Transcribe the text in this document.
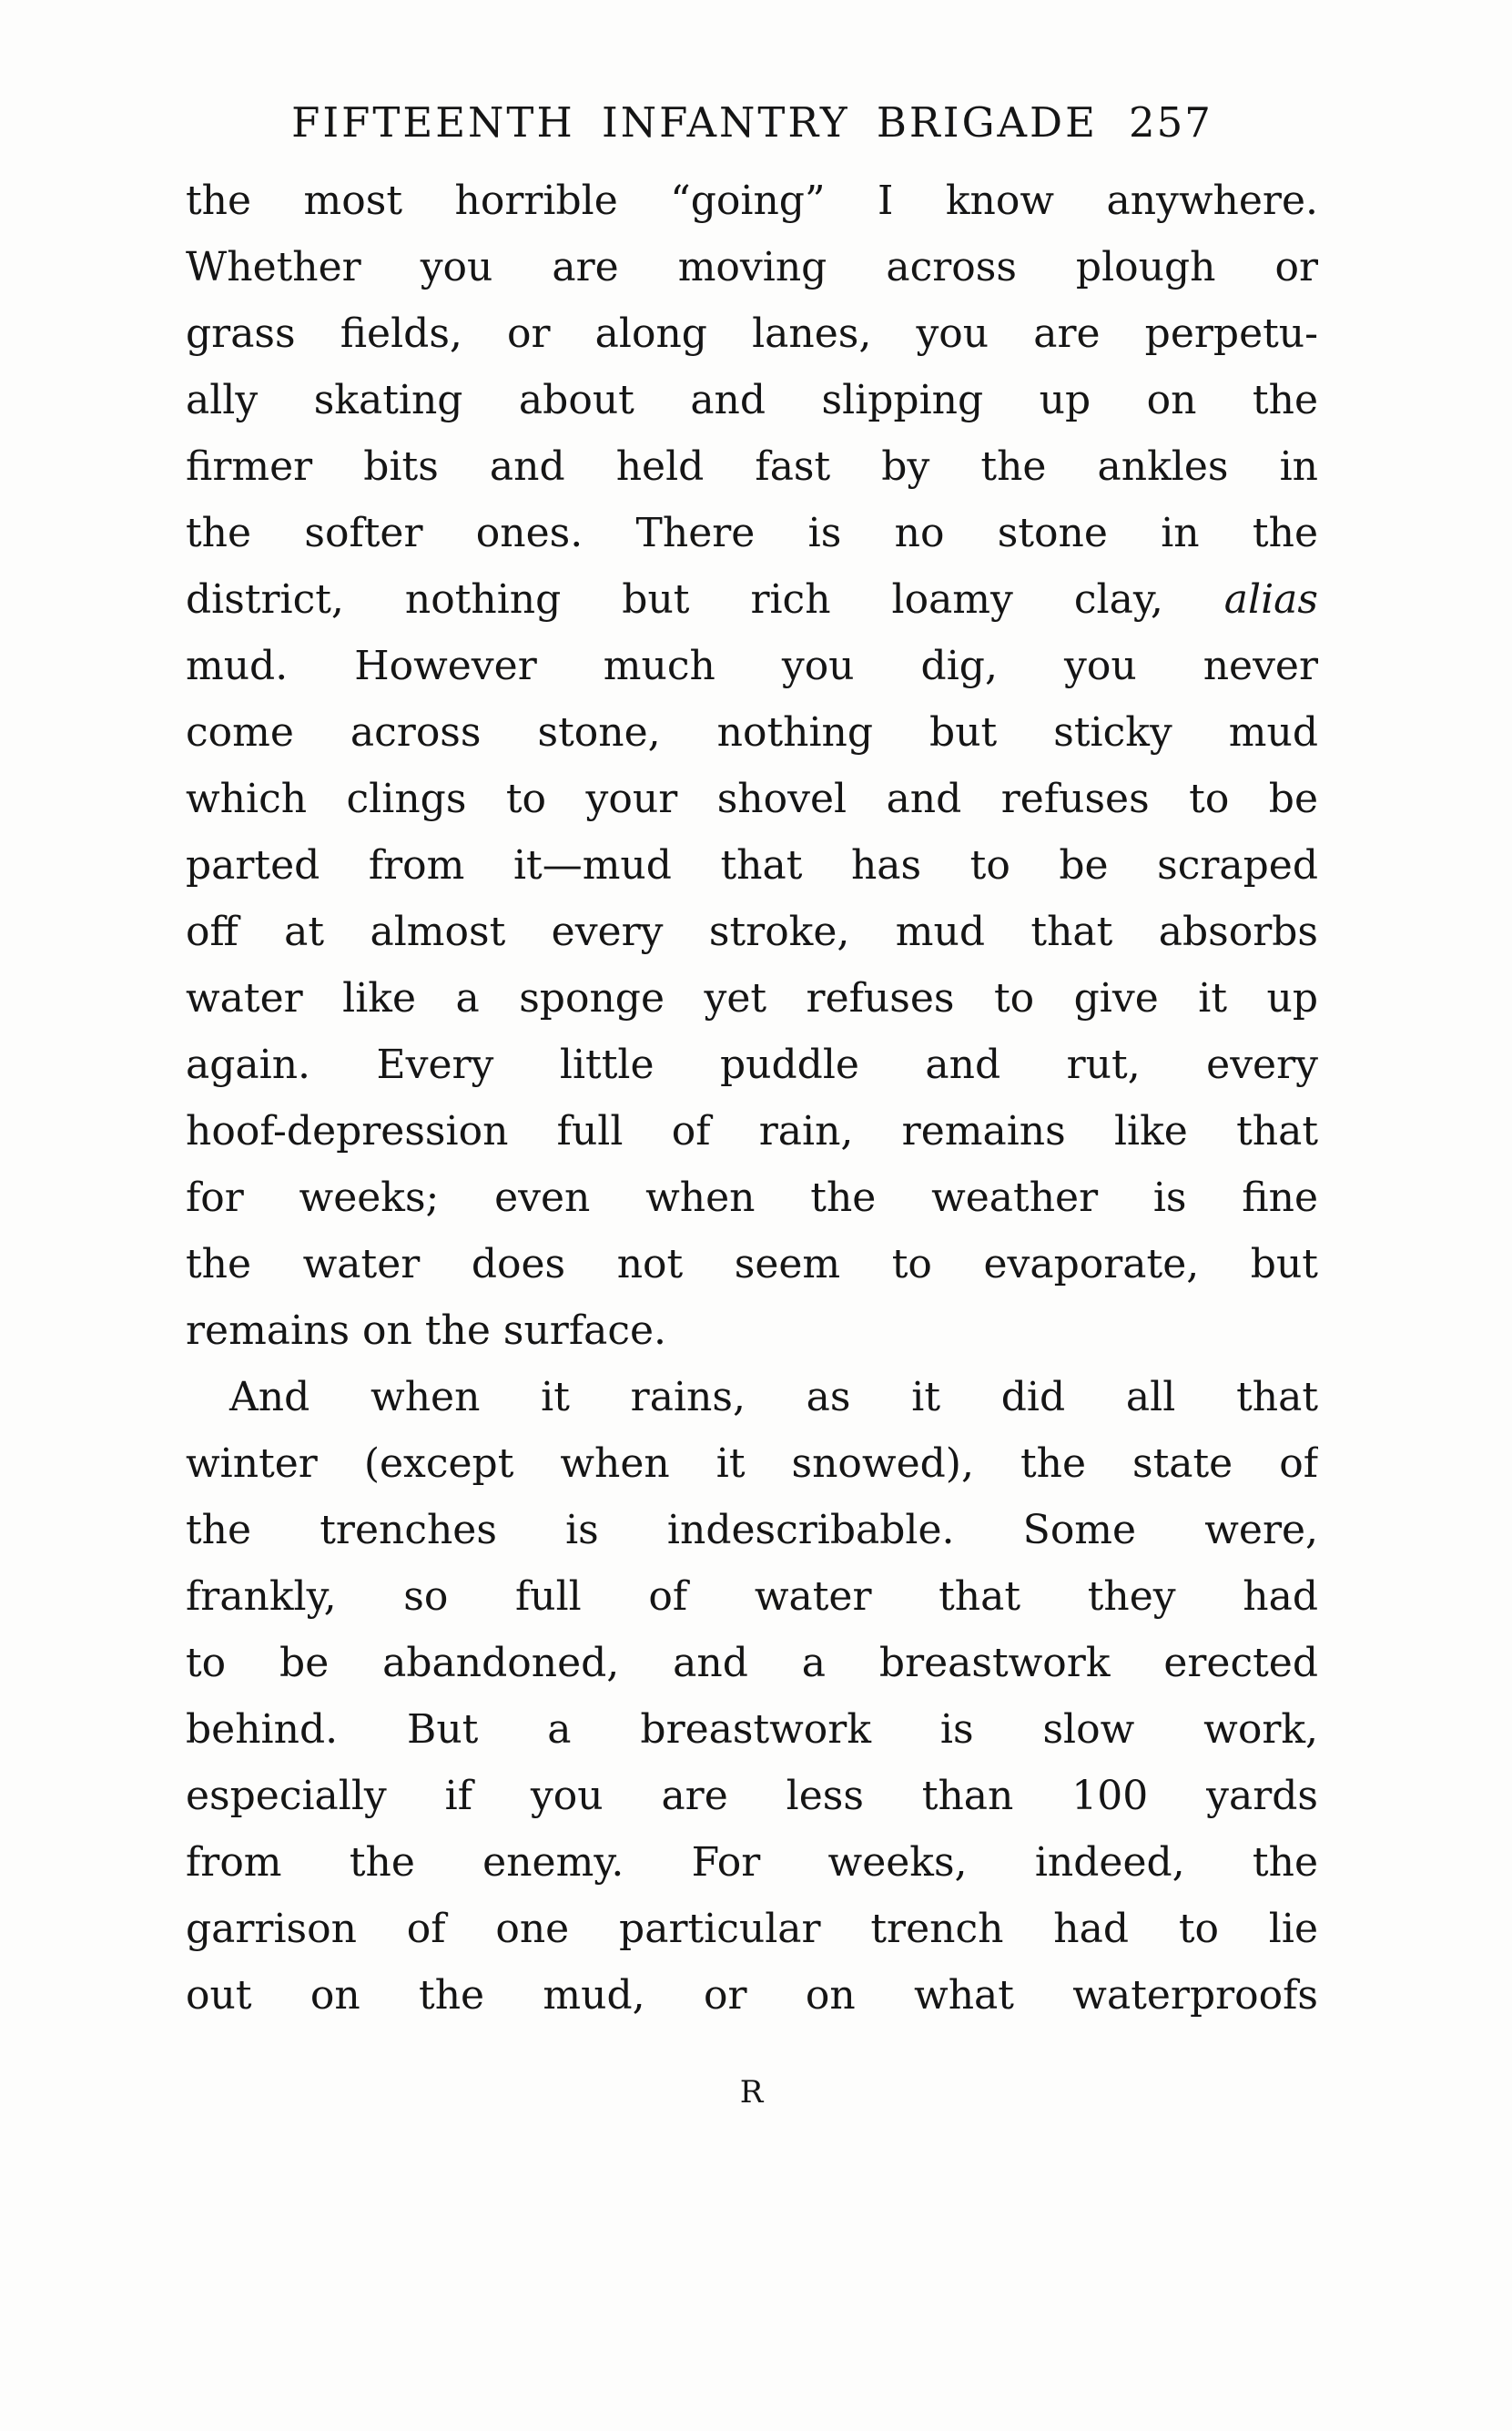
FIFTEENTH INFANTRY BRIGADE 257
the most horrible “going” I know anywhere.
Whether you are moving across plough or
grass fields, or along lanes, you are perpetu-
ally skating about and slipping up on the
firmer bits and held fast by the ankles in
the softer ones. There is no stone in the
district, nothing but rich loamy clay, alias
mud. However much you dig, you never
come across stone, nothing but sticky mud
which clings to your shovel and refuses to be
parted from it—mud that has to be scraped
off at almost every stroke, mud that absorbs
water like a sponge yet refuses to give it up
again. Every little puddle and rut, every
hoof-depression full of rain, remains like that
for weeks; even when the weather is fine
the water does not seem to evaporate, but
remains on the surface.
And when it rains, as it did all that
winter (except when it snowed), the state of
the trenches is indescribable. Some were,
frankly, so full of water that they had
to be abandoned, and a breastwork erected
behind. But a breastwork is slow work,
especially if you are less than 100 yards
from the enemy. For weeks, indeed, the
garrison of one particular trench had to lie
out on the mud, or on what waterproofs
R
